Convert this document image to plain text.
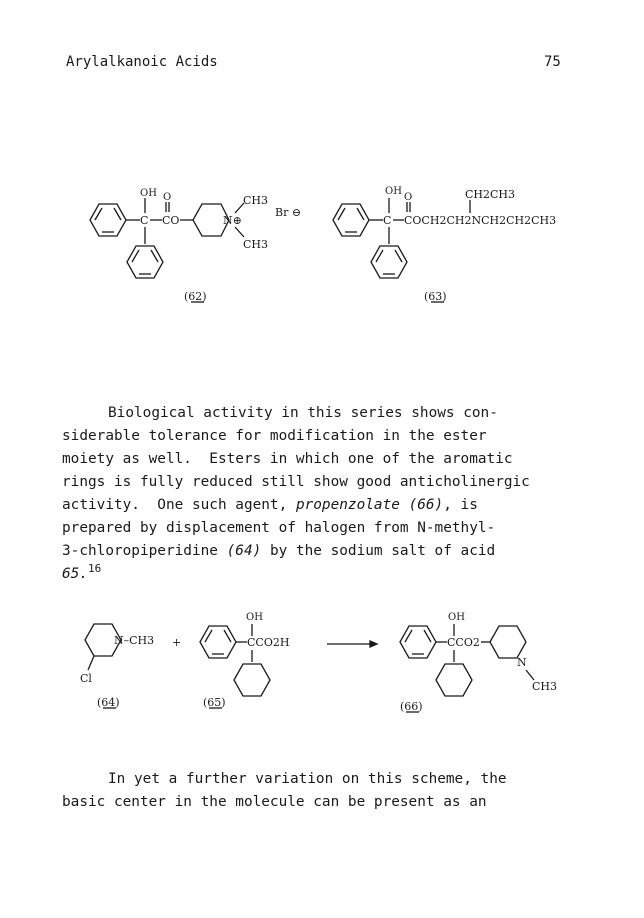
Arylalkanoic Acids	75
C
OH
CO
O
N⊕
CH3
CH3
Br ⊖
(62)
C
OH
COCH2CH2NCH2CH2CH3
O	CH2CH3
(63)
N–CH3
Cl
(64)
+	CCO2H
OH
(65)
CCO2
OH
N
CH3
(66)
Biological activity in this series shows con-
siderable tolerance for modification in the ester
moiety as well.  Esters in which one of the aromatic
rings is fully reduced still show good anticholinergic
activity.  One such agent, propenzolate (66), is
prepared by displacement of halogen from N-methyl-
3-chloropiperidine (64) by the sodium salt of acid
65.16
In yet a further variation on this scheme, the
basic center in the molecule can be present as an
